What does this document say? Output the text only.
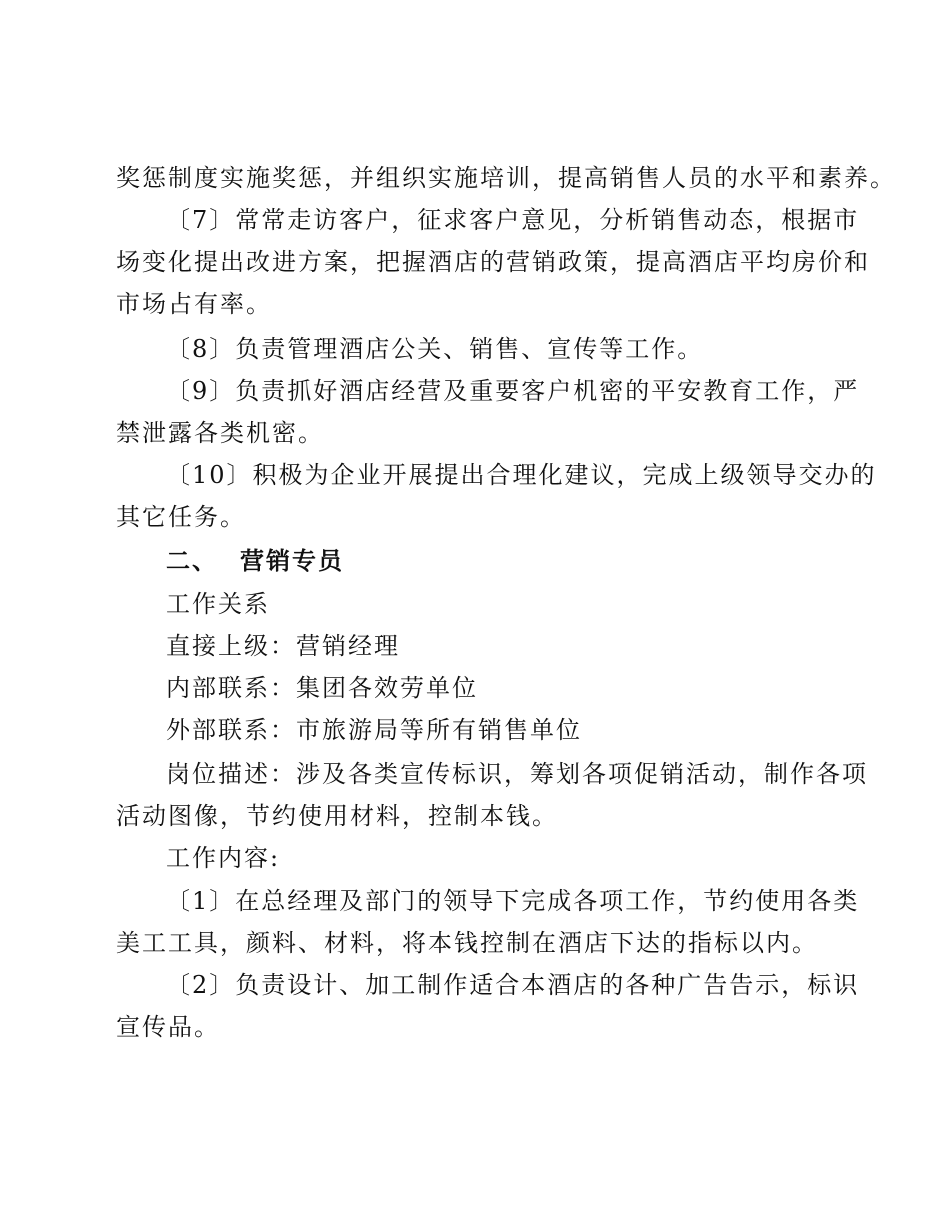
奖惩制度实施奖惩，并组织实施培训，提高销售人员的水平和素养。
〔7〕常常走访客户，征求客户意见，分析销售动态，根据市
场变化提出改进方案，把握酒店的营销政策，提高酒店平均房价和
市场占有率。
〔8〕负责管理酒店公关、销售、宣传等工作。
〔9〕负责抓好酒店经营及重要客户机密的平安教育工作，严
禁泄露各类机密。
〔10〕积极为企业开展提出合理化建议，完成上级领导交办的
其它任务。
二、 营销专员
工作关系
直接上级：营销经理
内部联系：集团各效劳单位
外部联系：市旅游局等所有销售单位
岗位描述：涉及各类宣传标识，筹划各项促销活动，制作各项
活动图像，节约使用材料，控制本钱。
工作内容:
〔1〕在总经理及部门的领导下完成各项工作，节约使用各类
美工工具，颜料、材料，将本钱控制在酒店下达的指标以内。
〔2〕负责设计、加工制作适合本酒店的各种广告告示，标识
宣传品。
